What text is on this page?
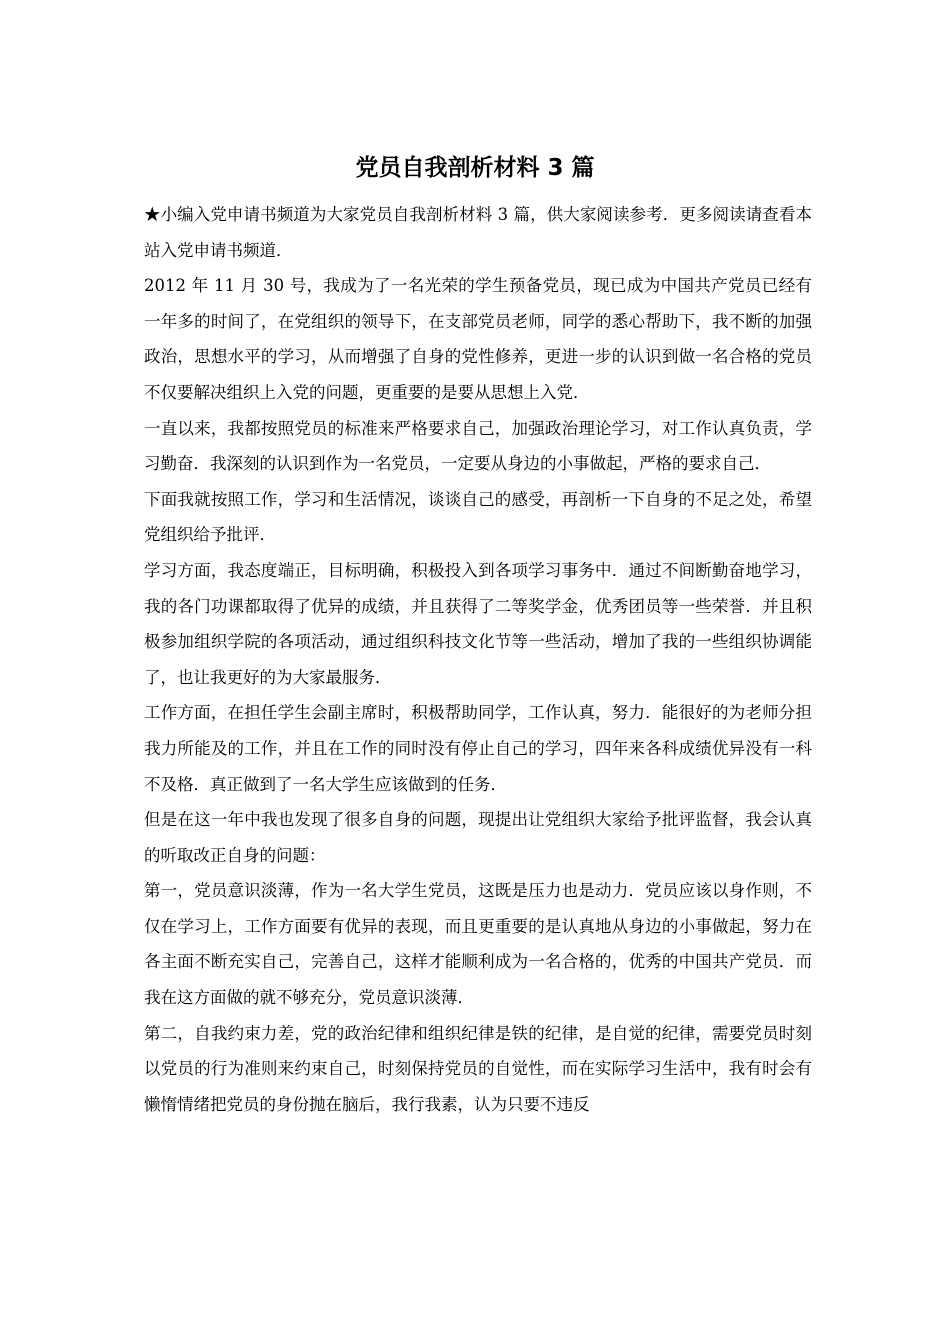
党员自我剖析材料 3 篇

★小编入党申请书频道为大家党员自我剖析材料 3 篇，供大家阅读参考．更多阅读请查看本站入党申请书频道．

2012 年 11 月 30 号，我成为了一名光荣的学生预备党员，现已成为中国共产党员已经有一年多的时间了，在党组织的领导下，在支部党员老师，同学的悉心帮助下，我不断的加强政治，思想水平的学习，从而增强了自身的党性修养，更进一步的认识到做一名合格的党员不仅要解决组织上入党的问题，更重要的是要从思想上入党．

一直以来，我都按照党员的标准来严格要求自己，加强政治理论学习，对工作认真负责，学习勤奋．我深刻的认识到作为一名党员，一定要从身边的小事做起，严格的要求自己．

下面我就按照工作，学习和生活情况，谈谈自己的感受，再剖析一下自身的不足之处，希望党组织给予批评．

学习方面，我态度端正，目标明确，积极投入到各项学习事务中．通过不间断勤奋地学习，我的各门功课都取得了优异的成绩，并且获得了二等奖学金，优秀团员等一些荣誉．并且积极参加组织学院的各项活动，通过组织科技文化节等一些活动，增加了我的一些组织协调能了，也让我更好的为大家最服务．

工作方面，在担任学生会副主席时，积极帮助同学，工作认真，努力．能很好的为老师分担我力所能及的工作，并且在工作的同时没有停止自己的学习，四年来各科成绩优异没有一科不及格．真正做到了一名大学生应该做到的任务．

但是在这一年中我也发现了很多自身的问题，现提出让党组织大家给予批评监督，我会认真的听取改正自身的问题：

第一，党员意识淡薄，作为一名大学生党员，这既是压力也是动力．党员应该以身作则，不仅在学习上，工作方面要有优异的表现，而且更重要的是认真地从身边的小事做起，努力在各主面不断充实自己，完善自己，这样才能顺利成为一名合格的，优秀的中国共产党员．而我在这方面做的就不够充分，党员意识淡薄．

第二，自我约束力差，党的政治纪律和组织纪律是铁的纪律，是自觉的纪律，需要党员时刻以党员的行为准则来约束自己，时刻保持党员的自觉性，而在实际学习生活中，我有时会有懒惰情绪把党员的身份抛在脑后，我行我素，认为只要不违反
